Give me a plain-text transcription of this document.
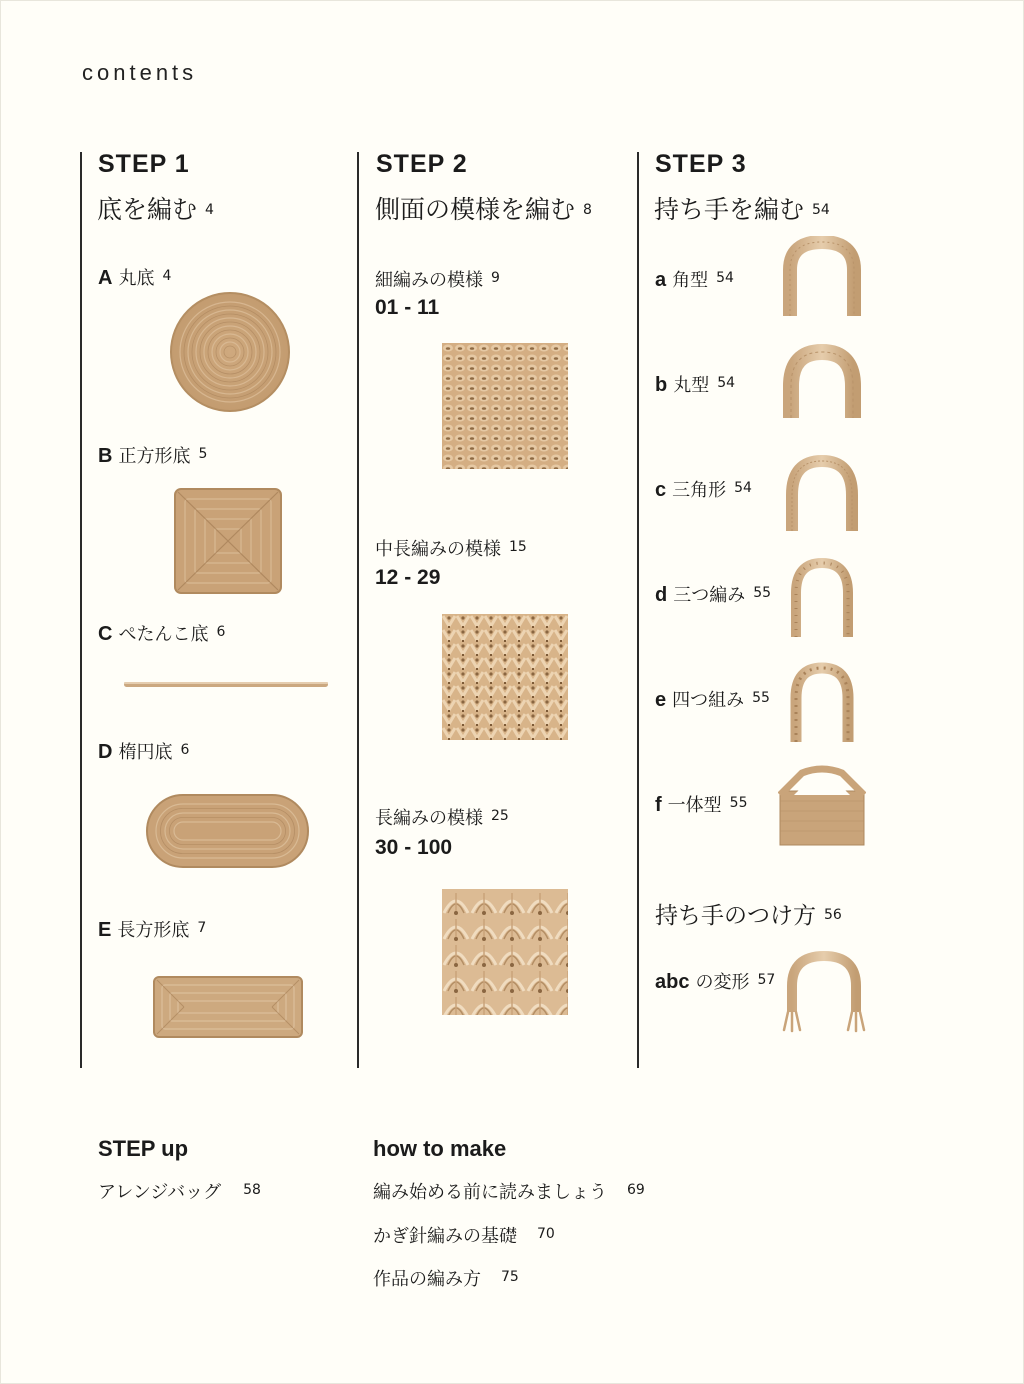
contents
STEP 1
底を編む 4
A 丸底 $^4$
B 正方形底 $^5$
C ぺたんこ底 $^6$
D 楕円底 $^6$
E 長方形底 $^7$
STEP 2
側面の模様を編む 8
細編みの模様 $^9$
01 - 11
中長編みの模様 $^{15}$
12 - 29
長編みの模様 $^{25}$
30 - 100
STEP 3
持ち手を編む 54
a 角型 $^{54}$
b 丸型 $^{54}$
c 三角形 $^{54}$
d 三つ編み $^{55}$
e 四つ組み $^{55}$
f 一体型 $^{55}$
持ち手のつけ方 56
abc の変形 $^{57}$
STEP up
アレンジバッグ $^{58}$
how to make
編み始める前に読みましょう $^{69}$
かぎ針編みの基礎 $^{70}$
作品の編み方 $^{75}$
